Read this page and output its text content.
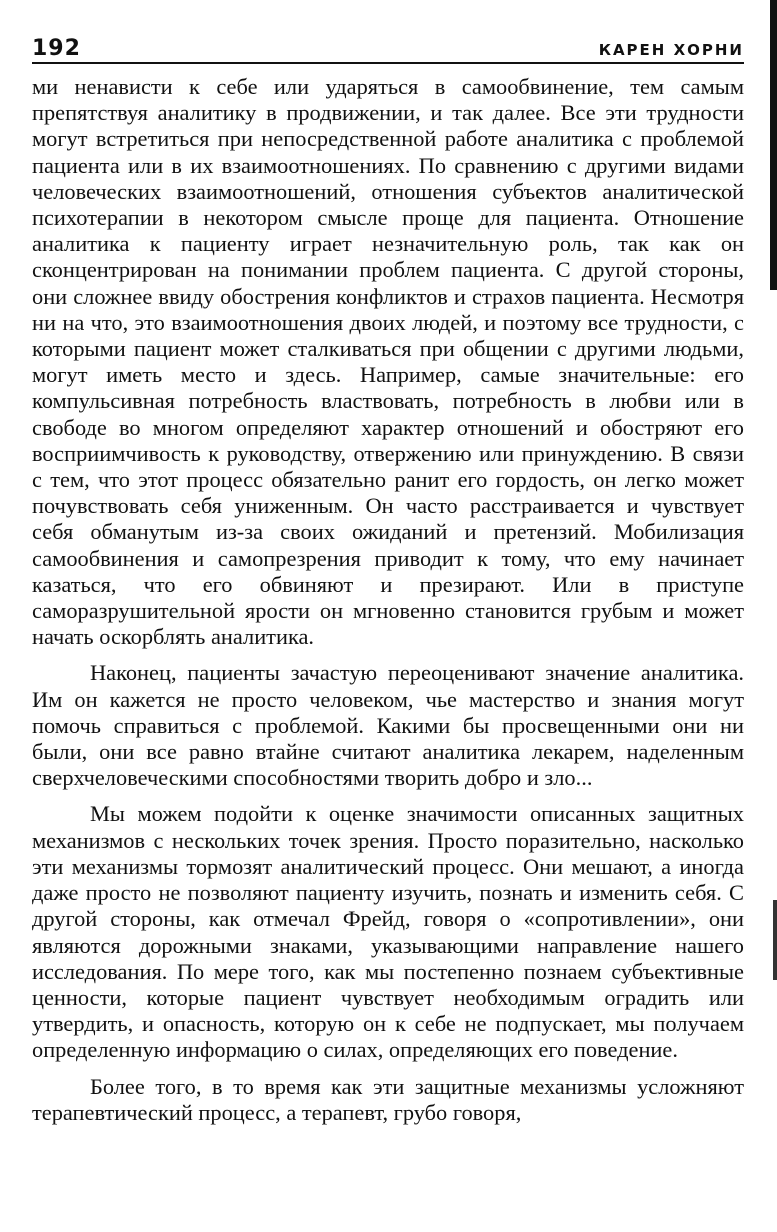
192	КАРЕН ХОРНИ

ми ненависти к себе или ударяться в самообвинение, тем самым препятствуя аналитику в продвижении, и так далее. Все эти трудности могут встретиться при непосредственной работе аналитика с проблемой пациента или в их взаимоотношениях. По сравнению с другими видами человеческих взаимоотношений, отношения субъектов аналитической психотерапии в некотором смысле проще для пациента. Отношение аналитика к пациенту играет незначительную роль, так как он сконцентрирован на понимании проблем пациента. С другой стороны, они сложнее ввиду обострения конфликтов и страхов пациента. Несмотря ни на что, это взаимоотношения двоих людей, и поэтому все трудности, с которыми пациент может сталкиваться при общении с другими людьми, могут иметь место и здесь. Например, самые значительные: его компульсивная потребность властвовать, потребность в любви или в свободе во многом определяют характер отношений и обостряют его восприимчивость к руководству, отвержению или принуждению. В связи с тем, что этот процесс обязательно ранит его гордость, он легко может почувствовать себя униженным. Он часто расстраивается и чувствует себя обманутым из-за своих ожиданий и претензий. Мобилизация самообвинения и самопрезрения приводит к тому, что ему начинает казаться, что его обвиняют и презирают. Или в приступе саморазрушительной ярости он мгновенно становится грубым и может начать оскорблять аналитика.

Наконец, пациенты зачастую переоценивают значение аналитика. Им он кажется не просто человеком, чье мастерство и знания могут помочь справиться с проблемой. Какими бы просвещенными они ни были, они все равно втайне считают аналитика лекарем, наделенным сверхчеловеческими способностями творить добро и зло...

Мы можем подойти к оценке значимости описанных защитных механизмов с нескольких точек зрения. Просто поразительно, насколько эти механизмы тормозят аналитический процесс. Они мешают, а иногда даже просто не позволяют пациенту изучить, познать и изменить себя. С другой стороны, как отмечал Фрейд, говоря о «сопротивлении», они являются дорожными знаками, указывающими направление нашего исследования. По мере того, как мы постепенно познаем субъективные ценности, которые пациент чувствует необходимым оградить или утвердить, и опасность, которую он к себе не подпускает, мы получаем определенную информацию о силах, определяющих его поведение.

Более того, в то время как эти защитные механизмы усложняют терапевтический процесс, а терапевт, грубо говоря,
